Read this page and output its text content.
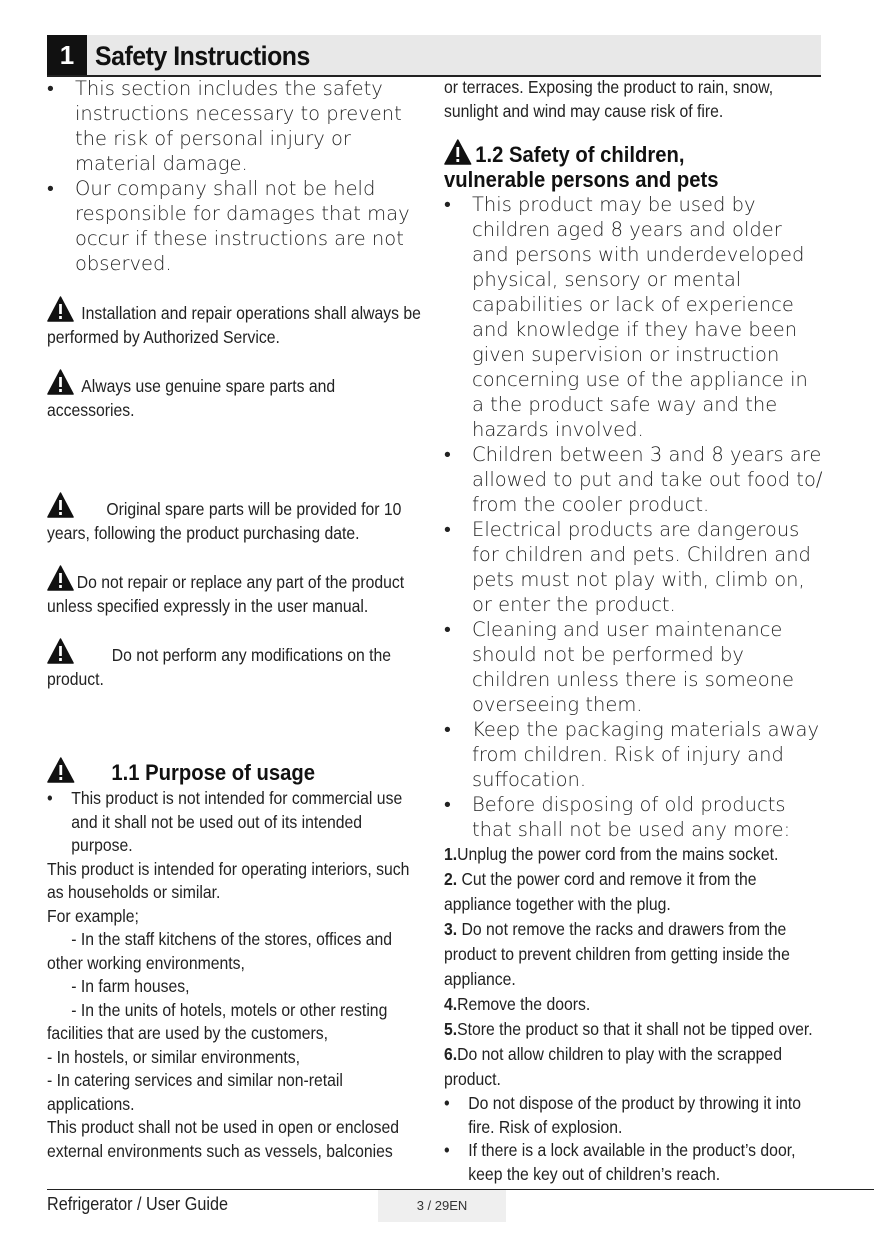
1 Safety Instructions
• This section includes the safety instructions necessary to prevent the risk of personal injury or material damage.
• Our company shall not be held responsible for damages that may occur if these instructions are not observed.
Installation and repair operations shall always be performed by Authorized Service.
Always use genuine spare parts and accessories.
Original spare parts will be provided for 10 years, following the product purchasing date.
Do not repair or replace any part of the product unless specified expressly in the user manual.
Do not perform any modifications on the product.
1.1 Purpose of usage
• This product is not intended for commercial use and it shall not be used out of its intended purpose.
This product is intended for operating interiors, such as households or similar.
For example;
- In the staff kitchens of the stores, offices and other working environments,
- In farm houses,
- In the units of hotels, motels or other resting facilities that are used by the customers,
- In hostels, or similar environments,
- In catering services and similar non-retail applications.
This product shall not be used in open or enclosed external environments such as vessels, balconies
or terraces. Exposing the product to rain, snow, sunlight and wind may cause risk of fire.
1.2 Safety of children,
vulnerable persons and pets
• This product may be used by children aged 8 years and older and persons with underdeveloped physical, sensory or mental capabilities or lack of experience and knowledge if they have been given supervision or instruction concerning use of the appliance in a the product safe way and the hazards involved.
• Children between 3 and 8 years are allowed to put and take out food to/ from the cooler product.
• Electrical products are dangerous for children and pets. Children and pets must not play with, climb on, or enter the product.
• Cleaning and user maintenance should not be performed by children unless there is someone overseeing them.
• Keep the packaging materials away from children. Risk of injury and suffocation.
• Before disposing of old products that shall not be used any more:
1.Unplug the power cord from the mains socket.
2. Cut the power cord and remove it from the appliance together with the plug.
3. Do not remove the racks and drawers from the product to prevent children from getting inside the appliance.
4.Remove the doors.
5.Store the product so that it shall not be tipped over.
6.Do not allow children to play with the scrapped product.
• Do not dispose of the product by throwing it into fire. Risk of explosion.
• If there is a lock available in the product’s door, keep the key out of children’s reach.
Refrigerator / User Guide	3 / 29EN
